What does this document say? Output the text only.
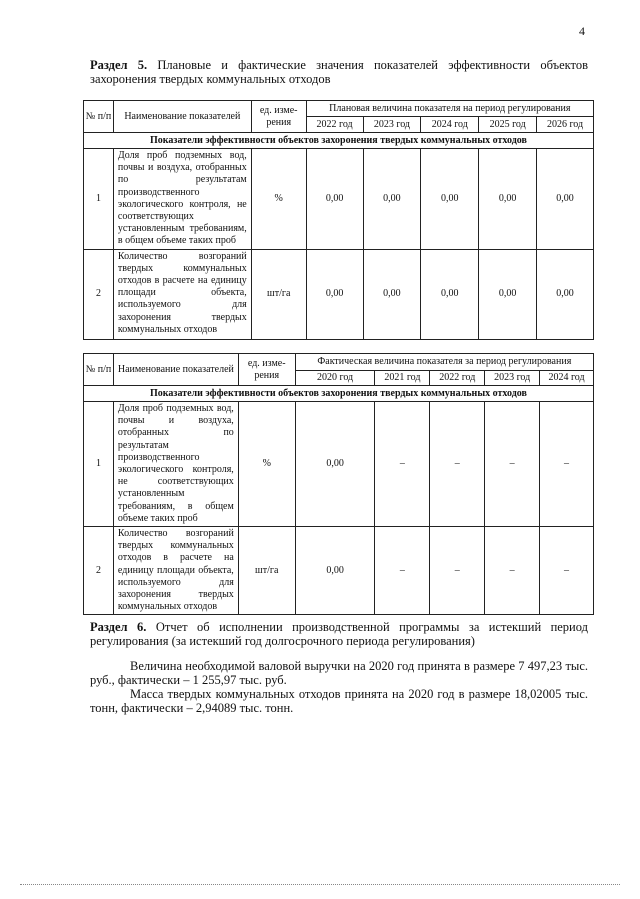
4
Раздел 5. Плановые и фактические значения показателей эффективности объектов захоронения твердых коммунальных отходов
№ п/п	Наименование показателей	ед. изме-рения	Плановая величина показателя на период регулирования				
			2022 год	2023 год	2024 год	2025 год	2026 год
Показатели эффективности объектов захоронения твердых коммунальных отходов							
1	Доля проб подземных вод, почвы и воздуха, отобранных по результатам производственного экологического контроля, не соответствующих установленным требованиям, в общем объеме таких проб	%	0,00	0,00	0,00	0,00	0,00
2	Количество возгораний твердых коммунальных отходов в расчете на единицу площади объекта, используемого для захоронения твердых коммунальных отходов	шт/га	0,00	0,00	0,00	0,00	0,00
№ п/п	Наименование показателей	ед. изме-рения	Фактическая величина показателя за период регулирования				
			2020 год	2021 год	2022 год	2023 год	2024 год
Показатели эффективности объектов захоронения твердых коммунальных отходов							
1	Доля проб подземных вод, почвы и воздуха, отобранных по результатам производственного экологического контроля, не соответствующих установленным требованиям, в общем объеме таких проб	%	0,00	–	–	–	–
2	Количество возгораний твердых коммунальных отходов в расчете на единицу площади объекта, используемого для захоронения твердых коммунальных отходов	шт/га	0,00	–	–	–	–
Раздел 6. Отчет об исполнении производственной программы за истекший период регулирования (за истекший год долгосрочного периода регулирования)
Величина необходимой валовой выручки на 2020 год принята в размере 7 497,23 тыс. руб., фактически – 1 255,97 тыс. руб.
Масса твердых коммунальных отходов принята на 2020 год в размере 18,02005 тыс. тонн, фактически – 2,94089 тыс. тонн.
